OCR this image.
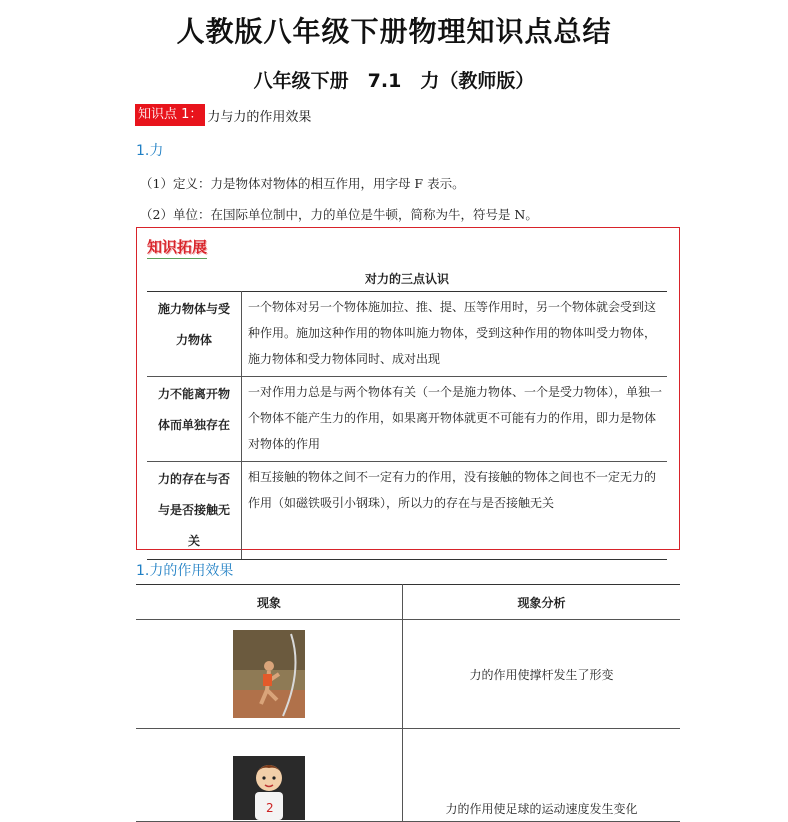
人教版八年级下册物理知识点总结
八年级下册　7.1　力（教师版）
知识点 1： 力与力的作用效果
1.力
（1）定义：力是物体对物体的相互作用，用字母 F 表示。
（2）单位：在国际单位制中，力的单位是牛顿，简称为牛，符号是 N。
知识拓展
对力的三点认识
施力物体与受
力物体	一个物体对另一个物体施加拉、推、提、压等作用时，另一个物体就会受到这种作用。施加这种作用的物体叫施力物体，受到这种作用的物体叫受力物体，施力物体和受力物体同时、成对出现

力不能离开物
体而单独存在	一对作用力总是与两个物体有关（一个是施力物体、一个是受力物体），单独一个物体不能产生力的作用，如果离开物体就更不可能有力的作用，即力是物体对物体的作用

力的存在与否
与是否接触无
关	相互接触的物体之间不一定有力的作用，没有接触的物体之间也不一定无力的作用（如磁铁吸引小钢珠），所以力的存在与是否接触无关
1.力的作用效果
现象	现象分析
	力的作用使撑杆发生了形变

2	力的作用使足球的运动速度发生变化
